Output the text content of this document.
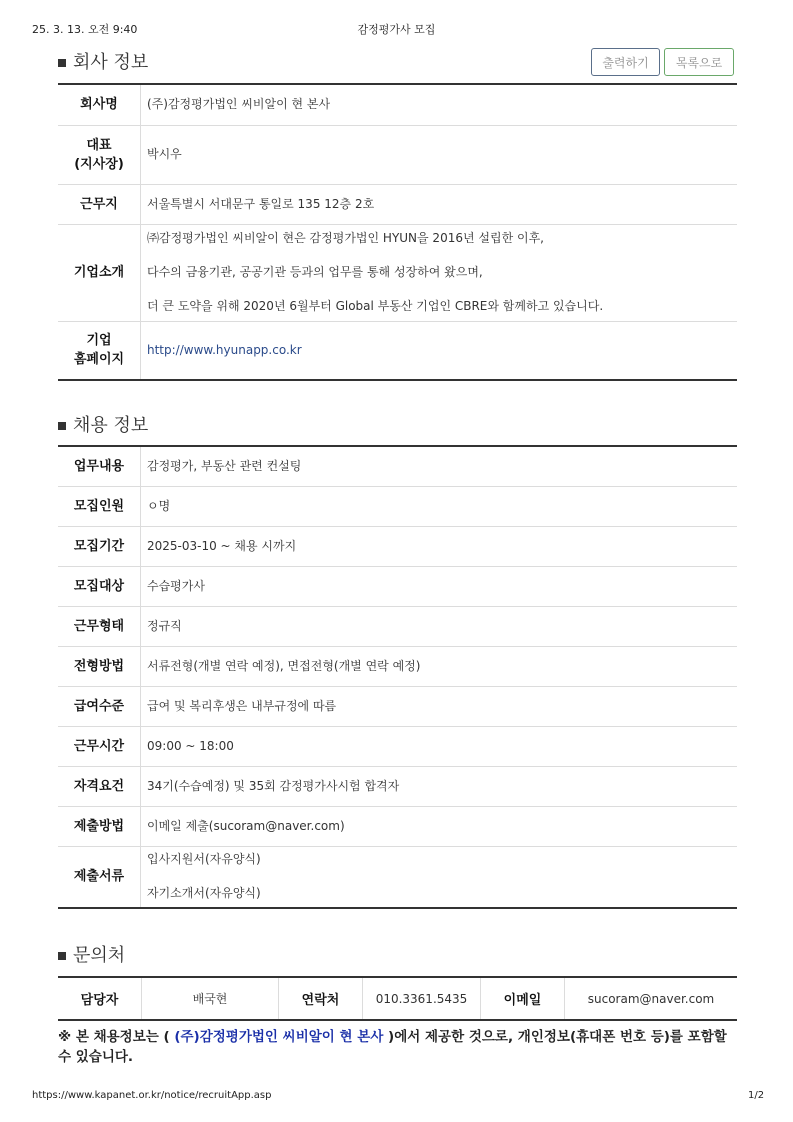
25. 3. 13. 오전 9:40	감정평가사 모집
회사 정보	출력하기	목록으로
회사명	(주)감정평가법인 씨비알이 현 본사

대표
(지사장)	박시우
근무지	서울특별시 서대문구 통일로 135 12층 2호
기업소개	㈜감정평가법인 씨비알이 현은 감정평가법인 HYUN을 2016년 설립한 이후,
다수의 금융기관, 공공기관 등과의 업무를 통해 성장하여 왔으며,
더 큰 도약을 위해 2020년 6월부터 Global 부동산 기업인 CBRE와 함께하고 있습니다.

기업
홈페이지	http://www.hyunapp.co.kr
채용 정보
업무내용	감정평가, 부동산 관련 컨설팅
모집인원	ㅇ명
모집기간	2025-03-10 ~ 채용 시까지
모집대상	수습평가사
근무형태	정규직
전형방법	서류전형(개별 연락 예정), 면접전형(개별 연락 예정)
급여수준	급여 및 복리후생은 내부규정에 따름
근무시간	09:00 ~ 18:00
자격요건	34기(수습예정) 및 35회 감정평가사시험 합격자
제출방법	이메일 제출(sucoram@naver.com)
제출서류	입사지원서(자유양식)
자기소개서(자유양식)
문의처
담당자	배국현	연락처	010.3361.5435	이메일	sucoram@naver.com
※ 본 채용정보는 ( (주)감정평가법인 씨비알이 현 본사 )에서 제공한 것으로, 개인정보(휴대폰 번호 등)를 포함할 수 있습니다.
https://www.kapanet.or.kr/notice/recruitApp.asp	1/2
